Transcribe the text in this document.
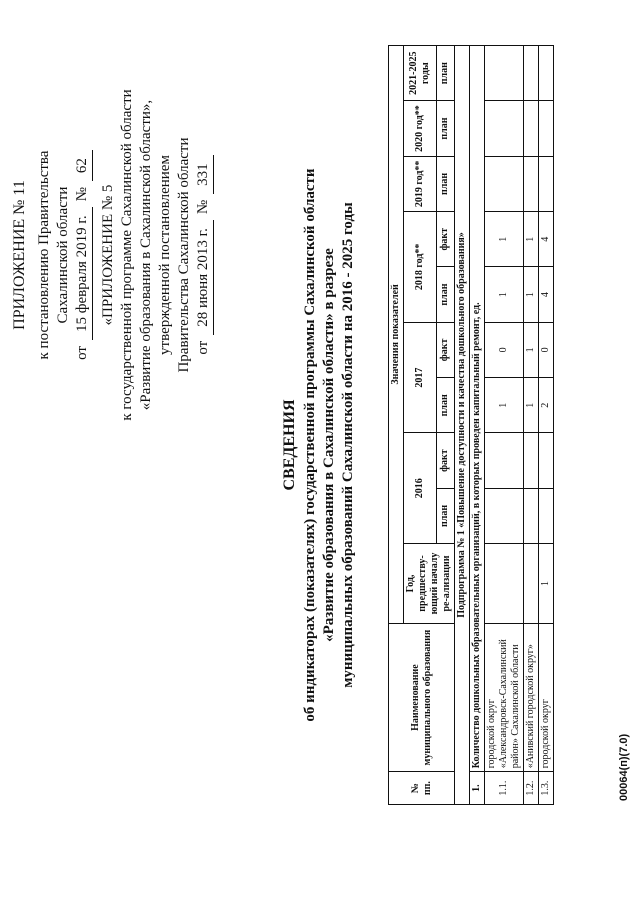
ПРИЛОЖЕНИЕ № 11 к постановлению Правительства Сахалинской области
от
15 февраля 2019 г.
№
62
«ПРИЛОЖЕНИЕ № 5 к государственной программе Сахалинской области «Развитие образования в Сахалинской области», утвержденной постановлением Правительства Сахалинской области от
28 июня 2013 г.
№
331
СВЕДЕНИЯ об индикаторах (показателях) государственной программы Сахалинской области «Развитие образования в Сахалинской области» в разрезе муниципальных образований Сахалинской области на 2016 - 2025 годы
№ пп.	Наименование муниципального образования	Значения показателей									
		Год, предшеству-ющий началу ре-ализации	2016		2017		2018 год**		2019 год**	2020 год**	2021-2025 годы
			план	факт	план	факт	план	факт	план	план	план
Подпрограмма № 1 «Повышение доступности и качества дошкольного образования»											
1.	Количество дошкольных образовательных организаций, в которых проведен капитальный ремонт, ед.										
1.1.	городской округ «Александровск-Сахалинский район» Сахалинской области				1	0	1	1			
1.2.	«Анивский городской округ»				1	1	1	1			
1.3.	городской округ	1			2	0	4	4			
00064(п)(7.0)
